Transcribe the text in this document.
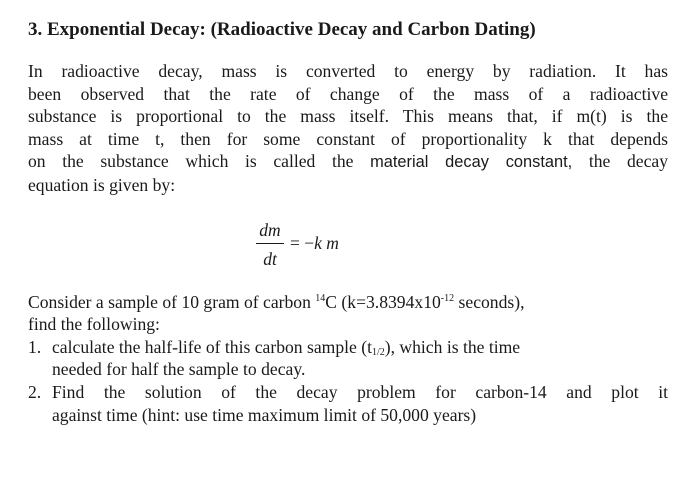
3. Exponential Decay: (Radioactive Decay and Carbon Dating)
In radioactive decay, mass is converted to energy by radiation. It has
been observed that the rate of change of the mass of a radioactive
substance is proportional to the mass itself. This means that, if m(t) is the
mass at time t, then for some constant of proportionality k that depends
on the substance which is called the material decay constant, the decay
equation is given by:
dm
dt
= −k m
Consider a sample of 10 gram of carbon $^{14}$C ($k=3.8394x10^{-12}$ seconds),
find the following:
1. calculate the half-life of this carbon sample $(t_{1/2})$, which is the time
needed for half the sample to decay.
2. Find the solution of the decay problem for carbon-14 and plot it
against time (hint: use time maximum limit of 50,000 years)
